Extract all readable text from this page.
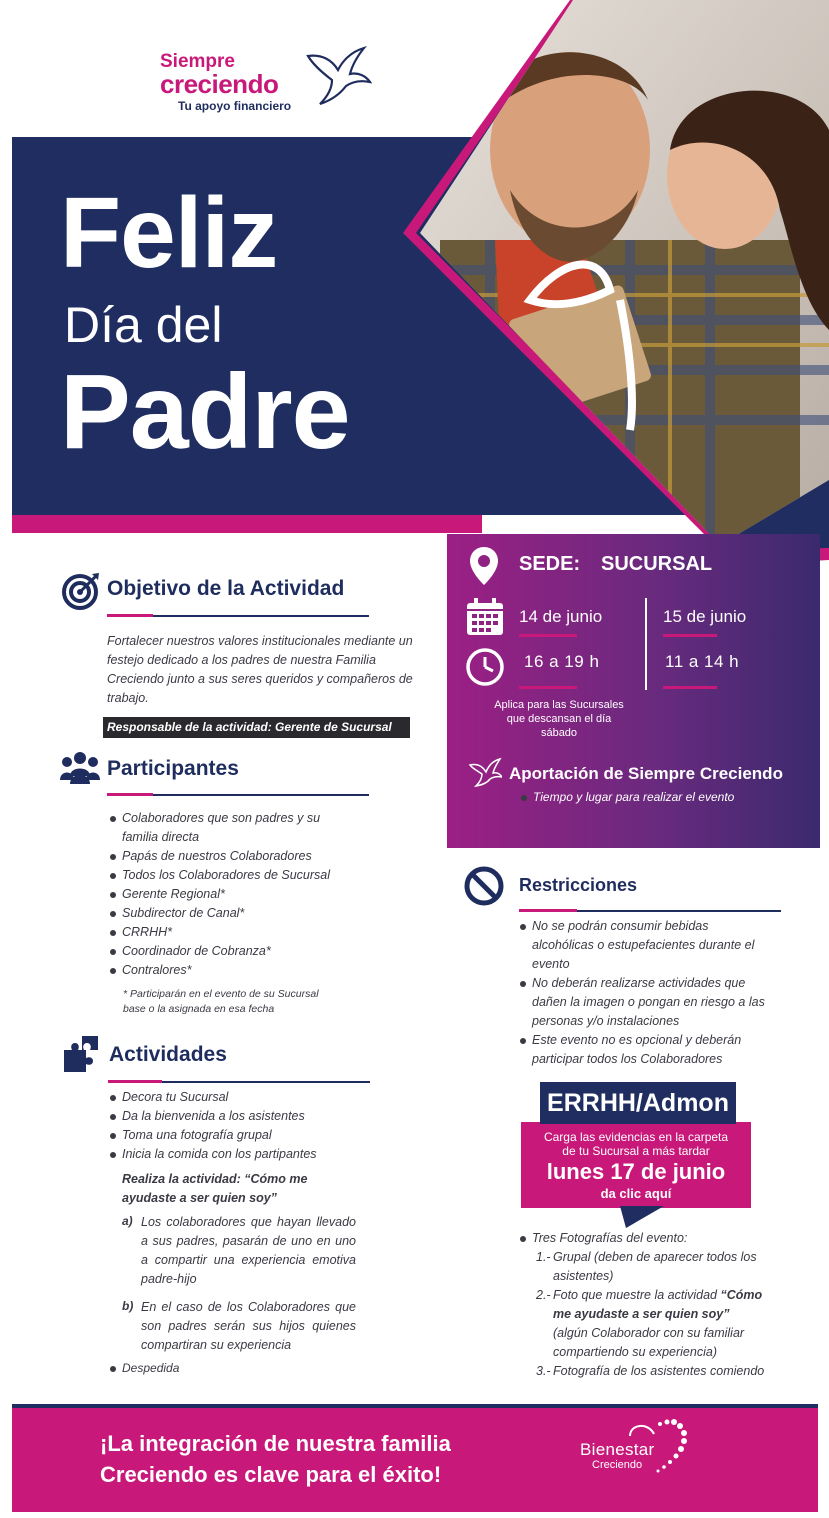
Siempre
creciendo
Tu apoyo financiero
Feliz
Día del
Padre
Objetivo de la Actividad
Fortalecer nuestros valores institucionales mediante un festejo dedicado a los padres de nuestra Familia Creciendo junto a sus seres queridos y compañeros de trabajo.
Responsable de la actividad: Gerente de Sucursal
Participantes
Colaboradores que son padres y su familia directa
Papás de nuestros Colaboradores
Todos los Colaboradores de Sucursal
Gerente Regional*
Subdirector de Canal*
CRRHH*
Coordinador de Cobranza*
Contralores*
* Participarán en el evento de su Sucursal base o la asignada en esa fecha
Actividades
Decora tu Sucursal
Da la bienvenida a los asistentes
Toma una fotografía grupal
Inicia la comida con los partipantes
Realiza la actividad: “Cómo me ayudaste a ser quien soy”
a) Los colaboradores que hayan llevado a sus padres, pasarán de uno en uno a compartir una experiencia emotiva padre-hijo
b) En el caso de los Colaboradores que son padres serán sus hijos quienes compartiran su experiencia
Despedida
SEDE: SUCURSAL
14 de junio	15 de junio
16 a 19 h	11 a 14 h
Aplica para las Sucursales que descansan el día sábado
Aportación de Siempre Creciendo
Tiempo y lugar para realizar el evento
Restricciones
No se podrán consumir bebidas alcohólicas o estupefacientes durante el evento
No deberán realizarse actividades que dañen la imagen o pongan en riesgo a las personas y/o instalaciones
Este evento no es opcional y deberán participar todos los Colaboradores
Carga las evidencias en la carpeta de tu Sucursal a más tardar
lunes 17 de junio
da clic aquí
ERRHH/Admon
Tres Fotografías del evento:
1.- Grupal (deben de aparecer todos los asistentes)
2.- Foto que muestre la actividad “Cómo me ayudaste a ser quien soy” (algún Colaborador con su familiar compartiendo su experiencia)
3.- Fotografía de los asistentes comiendo
¡La integración de nuestra familia
Creciendo es clave para el éxito!
Bienestar
Creciendo
